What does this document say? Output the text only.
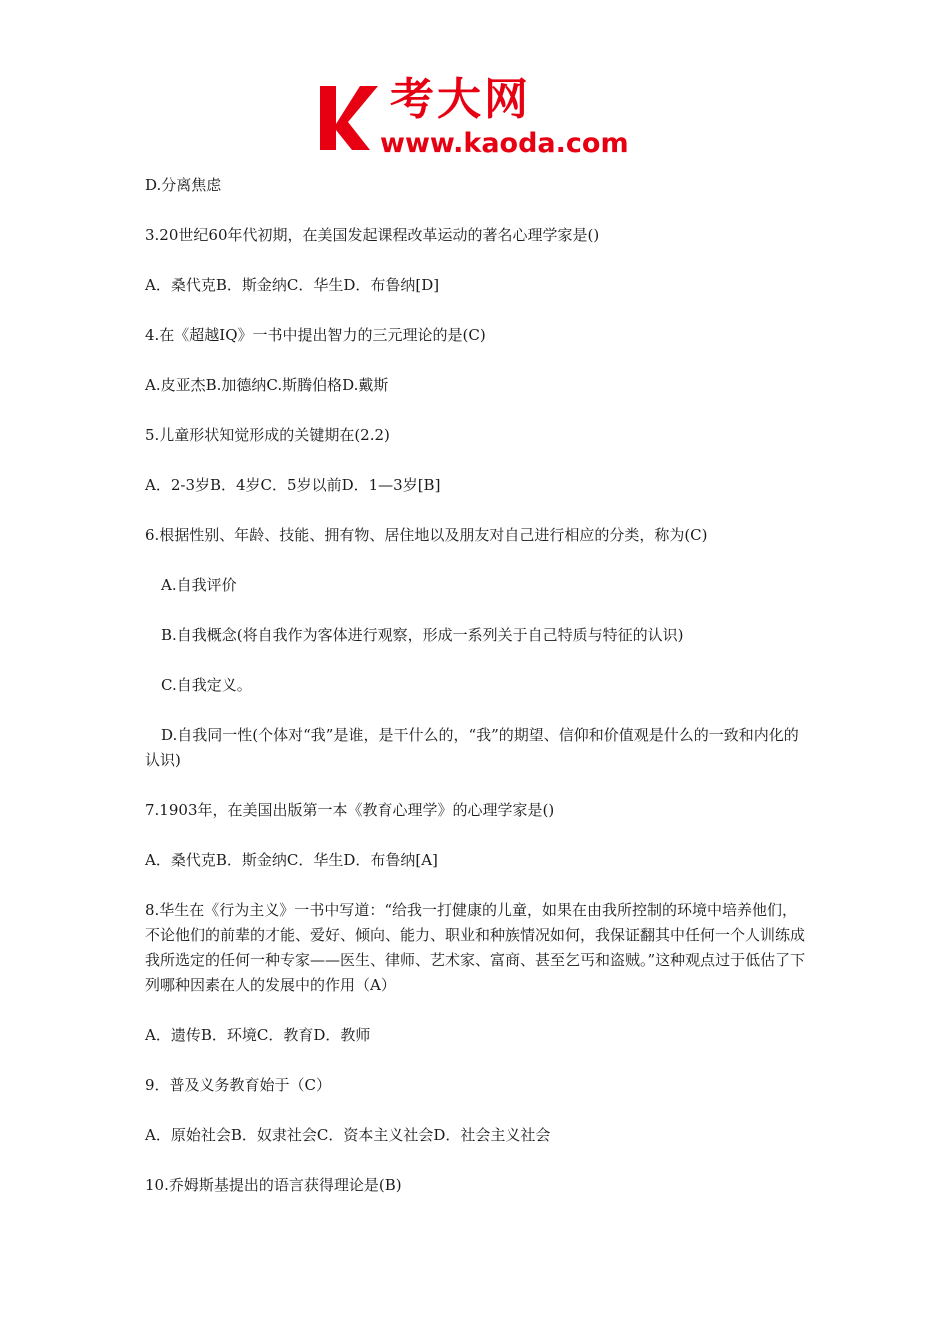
考大网
www.kaoda.com

D.分离焦虑

3.20世纪60年代初期，在美国发起课程改革运动的著名心理学家是()

A．桑代克B．斯金纳C．华生D．布鲁纳[D]

4.在《超越IQ》一书中提出智力的三元理论的是(C)

A.皮亚杰B.加德纳C.斯腾伯格D.戴斯

5.儿童形状知觉形成的关键期在(2.2)

A．2-3岁B．4岁C．5岁以前D．1—3岁[B]

6.根据性别、年龄、技能、拥有物、居住地以及朋友对自己进行相应的分类，称为(C)

A.自我评价

B.自我概念(将自我作为客体进行观察，形成一系列关于自己特质与特征的认识)

C.自我定义。

D.自我同一性(个体对“我”是谁，是干什么的，“我”的期望、信仰和价值观是什么的一致和内化的认识)

7.1903年，在美国出版第一本《教育心理学》的心理学家是()

A．桑代克B．斯金纳C．华生D．布鲁纳[A]

8.华生在《行为主义》一书中写道：“给我一打健康的儿童，如果在由我所控制的环境中培养他们，不论他们的前辈的才能、爱好、倾向、能力、职业和种族情况如何，我保证翻其中任何一个人训练成我所选定的任何一种专家——医生、律师、艺术家、富商、甚至乞丐和盗贼。”这种观点过于低估了下列哪种因素在人的发展中的作用（A）

A．遗传B．环境C．教育D．教师

9．普及义务教育始于（C）

A．原始社会B．奴隶社会C．资本主义社会D．社会主义社会

10.乔姆斯基提出的语言获得理论是(B)
